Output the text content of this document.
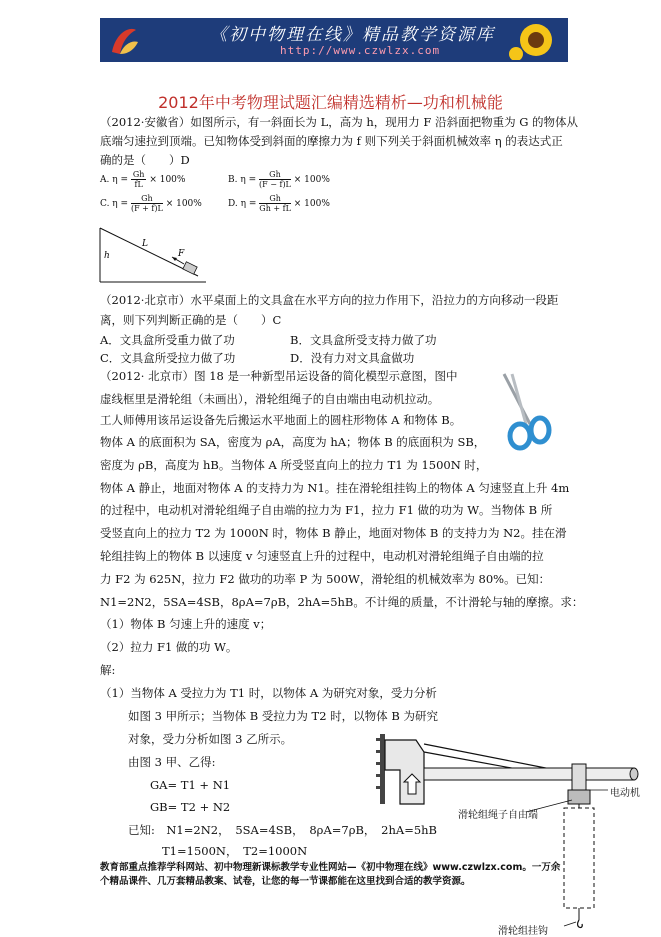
《初中物理在线》精品教学资源库
http://www.czwlzx.com
2012年中考物理试题汇编精选精析—功和机械能
（2012·安徽省）如图所示，有一斜面长为 L，高为 h，现用力 F 沿斜面把物重为 G 的物体从
底端匀速拉到顶端。已知物体受到斜面的摩擦力为 f 则下列关于斜面机械效率 η 的表达式正
确的是（　　）D
A. $\eta = \frac{Gh}{fL} \times 100\%$	B. $\eta = \frac{Gh}{(F - f)L} \times 100\%$
C. $\eta = \frac{Gh}{(F + f)L} \times 100\%$	D. $\eta = \frac{Gh}{Gh + fL} \times 100\%$
h
L
F
（2012·北京市）水平桌面上的文具盒在水平方向的拉力作用下，沿拉力的方向移动一段距
离，则下列判断正确的是（　　）C
A．文具盒所受重力做了功	B．文具盒所受支持力做了功
C．文具盒所受拉力做了功	D．没有力对文具盒做功
（2012· 北京市）图 18 是一种新型吊运设备的简化模型示意图，图中
虚线框里是滑轮组（未画出），滑轮组绳子的自由端由电动机拉动。
工人师傅用该吊运设备先后搬运水平地面上的圆柱形物体 A 和物体 B。
物体 A 的底面积为 SA，密度为 ρA，高度为 hA；物体 B 的底面积为 SB，
密度为 ρB，高度为 hB。当物体 A 所受竖直向上的拉力 T1 为 1500N 时，
物体 A 静止，地面对物体 A 的支持力为 N1。挂在滑轮组挂钩上的物体 A 匀速竖直上升 4m
的过程中，电动机对滑轮组绳子自由端的拉力为 F1，拉力 F1 做的功为 W。当物体 B 所
受竖直向上的拉力 T2 为 1000N 时，物体 B 静止，地面对物体 B 的支持力为 N2。挂在滑
轮组挂钩上的物体 B 以速度 v 匀速竖直上升的过程中，电动机对滑轮组绳子自由端的拉
力 F2 为 625N，拉力 F2 做功的功率 P 为 500W，滑轮组的机械效率为 80%。已知：
N1=2N2，5SA=4SB，8ρA=7ρB，2hA=5hB。不计绳的质量，不计滑轮与轴的摩擦。求：
（1）物体 B 匀速上升的速度 v；
（2）拉力 F1 做的功 W。
解:
（1）当物体 A 受拉力为 T1 时，以物体 A 为研究对象，受力分析
如图 3 甲所示；当物体 B 受拉力为 T2 时，以物体 B 为研究
对象，受力分析如图 3 乙所示。
由图 3 甲、乙得:
GA= T1 + N1
GB= T2 + N2
已知:　N1=2N2，　5SA=4SB，　8ρA=7ρB，　2hA=5hB
T1=1500N，　T2=1000N
电动机
滑轮组绳子自由端
滑轮组挂钩
教育部重点推荐学科网站、初中物理新课标教学专业性网站—《初中物理在线》www.czwlzx.com。一万余
个精品课件、几万套精品教案、试卷，让您的每一节课都能在这里找到合适的教学资源。
